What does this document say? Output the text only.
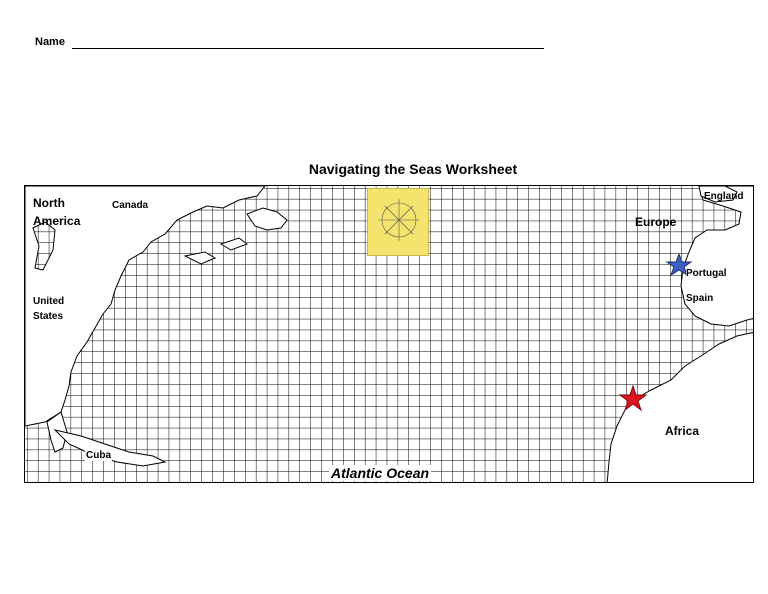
Name
Navigating the Seas Worksheet
North
America
Canada
United
States
Cuba
Atlantic Ocean
England
Europe
Portugal
Spain
Africa
